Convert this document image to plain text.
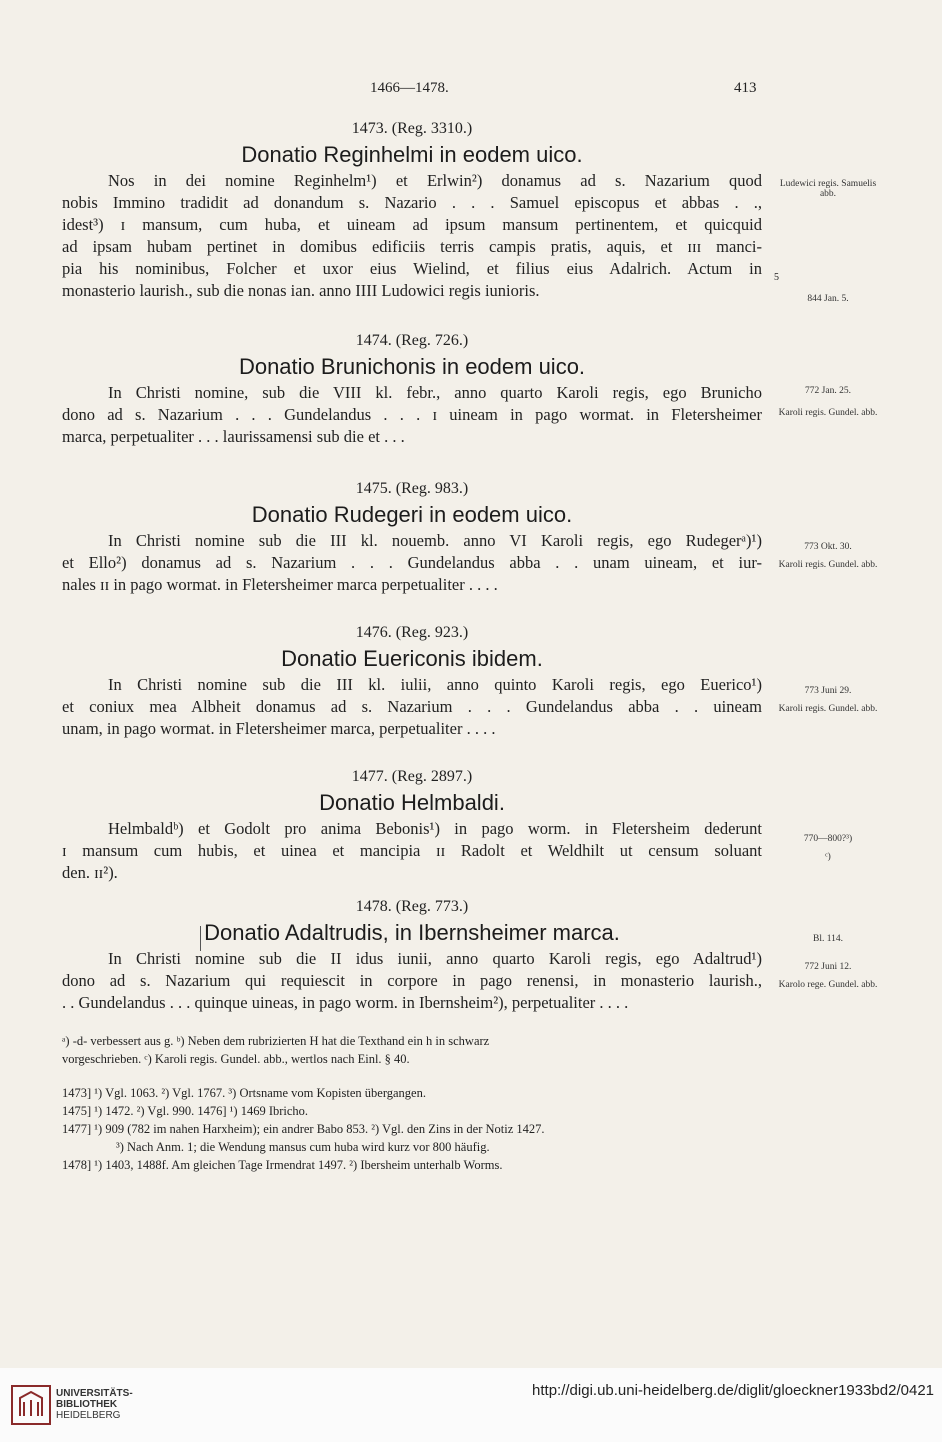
1466—1478.	413
1473. (Reg. 3310.)
Donatio Reginhelmi in eodem uico.
Nos in dei nomine Reginhelm¹) et Erlwin²) donamus ad s. Nazarium quod
nobis Immino tradidit ad donandum s. Nazario . . . Samuel episcopus et abbas . .,
idest³) ɪ mansum, cum huba, et uineam ad ipsum mansum pertinentem, et quicquid
ad ipsam hubam pertinet in domibus edificiis terris campis pratis, aquis, et ɪɪɪ manci-
pia his nominibus, Folcher et uxor eius Wielind, et filius eius Adalrich. Actum in
monasterio laurish., sub die nonas ian. anno IIII Ludowici regis iunioris.
Ludewici regis. Samuelis abb.
5
844 Jan. 5.
1474. (Reg. 726.)
Donatio Brunichonis in eodem uico.
In Christi nomine, sub die VIII kl. febr., anno quarto Karoli regis, ego Brunicho
dono ad s. Nazarium . . . Gundelandus . . . ɪ uineam in pago wormat. in Fletersheimer
marca, perpetualiter . . . laurissamensi sub die et . . .
772 Jan. 25.
Karoli regis. Gundel. abb.
1475. (Reg. 983.)
Donatio Rudegeri in eodem uico.
In Christi nomine sub die III kl. nouemb. anno VI Karoli regis, ego Rudegerᵃ)¹)
et Ello²) donamus ad s. Nazarium . . . Gundelandus abba . . unam uineam, et iur-
nales ɪɪ in pago wormat. in Fletersheimer marca perpetualiter . . . .
773 Okt. 30.
Karoli regis. Gundel. abb.
1476. (Reg. 923.)
Donatio Euericonis ibidem.
In Christi nomine sub die III kl. iulii, anno quinto Karoli regis, ego Euerico¹)
et coniux mea Albheit donamus ad s. Nazarium . . . Gundelandus abba . . uineam
unam, in pago wormat. in Fletersheimer marca, perpetualiter . . . .
773 Juni 29.
Karoli regis. Gundel. abb.
1477. (Reg. 2897.)
Donatio Helmbaldi.
Helmbaldᵇ) et Godolt pro anima Bebonis¹) in pago worm. in Fletersheim dederunt
ɪ mansum cum hubis, et uinea et mancipia ɪɪ Radolt et Weldhilt ut censum soluant
den. ɪɪ²).
770—800?³)
ᶜ)
1478. (Reg. 773.)
Donatio Adaltrudis, in Ibernsheimer marca.
In Christi nomine sub die II idus iunii, anno quarto Karoli regis, ego Adaltrud¹)
dono ad s. Nazarium qui requiescit in corpore in pago renensi, in monasterio laurish.,
. . Gundelandus . . . quinque uineas, in pago worm. in Ibernsheim²), perpetualiter . . . .
Bl. 114.
772 Juni 12.
Karolo rege. Gundel. abb.
ᵃ) -d- verbessert aus g. ᵇ) Neben dem rubrizierten H hat die Texthand ein h in schwarz
vorgeschrieben. ᶜ) Karoli regis. Gundel. abb., wertlos nach Einl. § 40.
1473] ¹) Vgl. 1063. ²) Vgl. 1767. ³) Ortsname vom Kopisten übergangen.
1475] ¹) 1472. ²) Vgl. 990. 1476] ¹) 1469 Ibricho.
1477] ¹) 909 (782 im nahen Harxheim); ein andrer Babo 853. ²) Vgl. den Zins in der Notiz 1427.
³) Nach Anm. 1; die Wendung mansus cum huba wird kurz vor 800 häufig.
1478] ¹) 1403, 1488f. Am gleichen Tage Irmendrat 1497. ²) Ibersheim unterhalb Worms.
UNIVERSITÄTS-
BIBLIOTHEK
HEIDELBERG
http://digi.ub.uni-heidelberg.de/diglit/gloeckner1933bd2/0421
